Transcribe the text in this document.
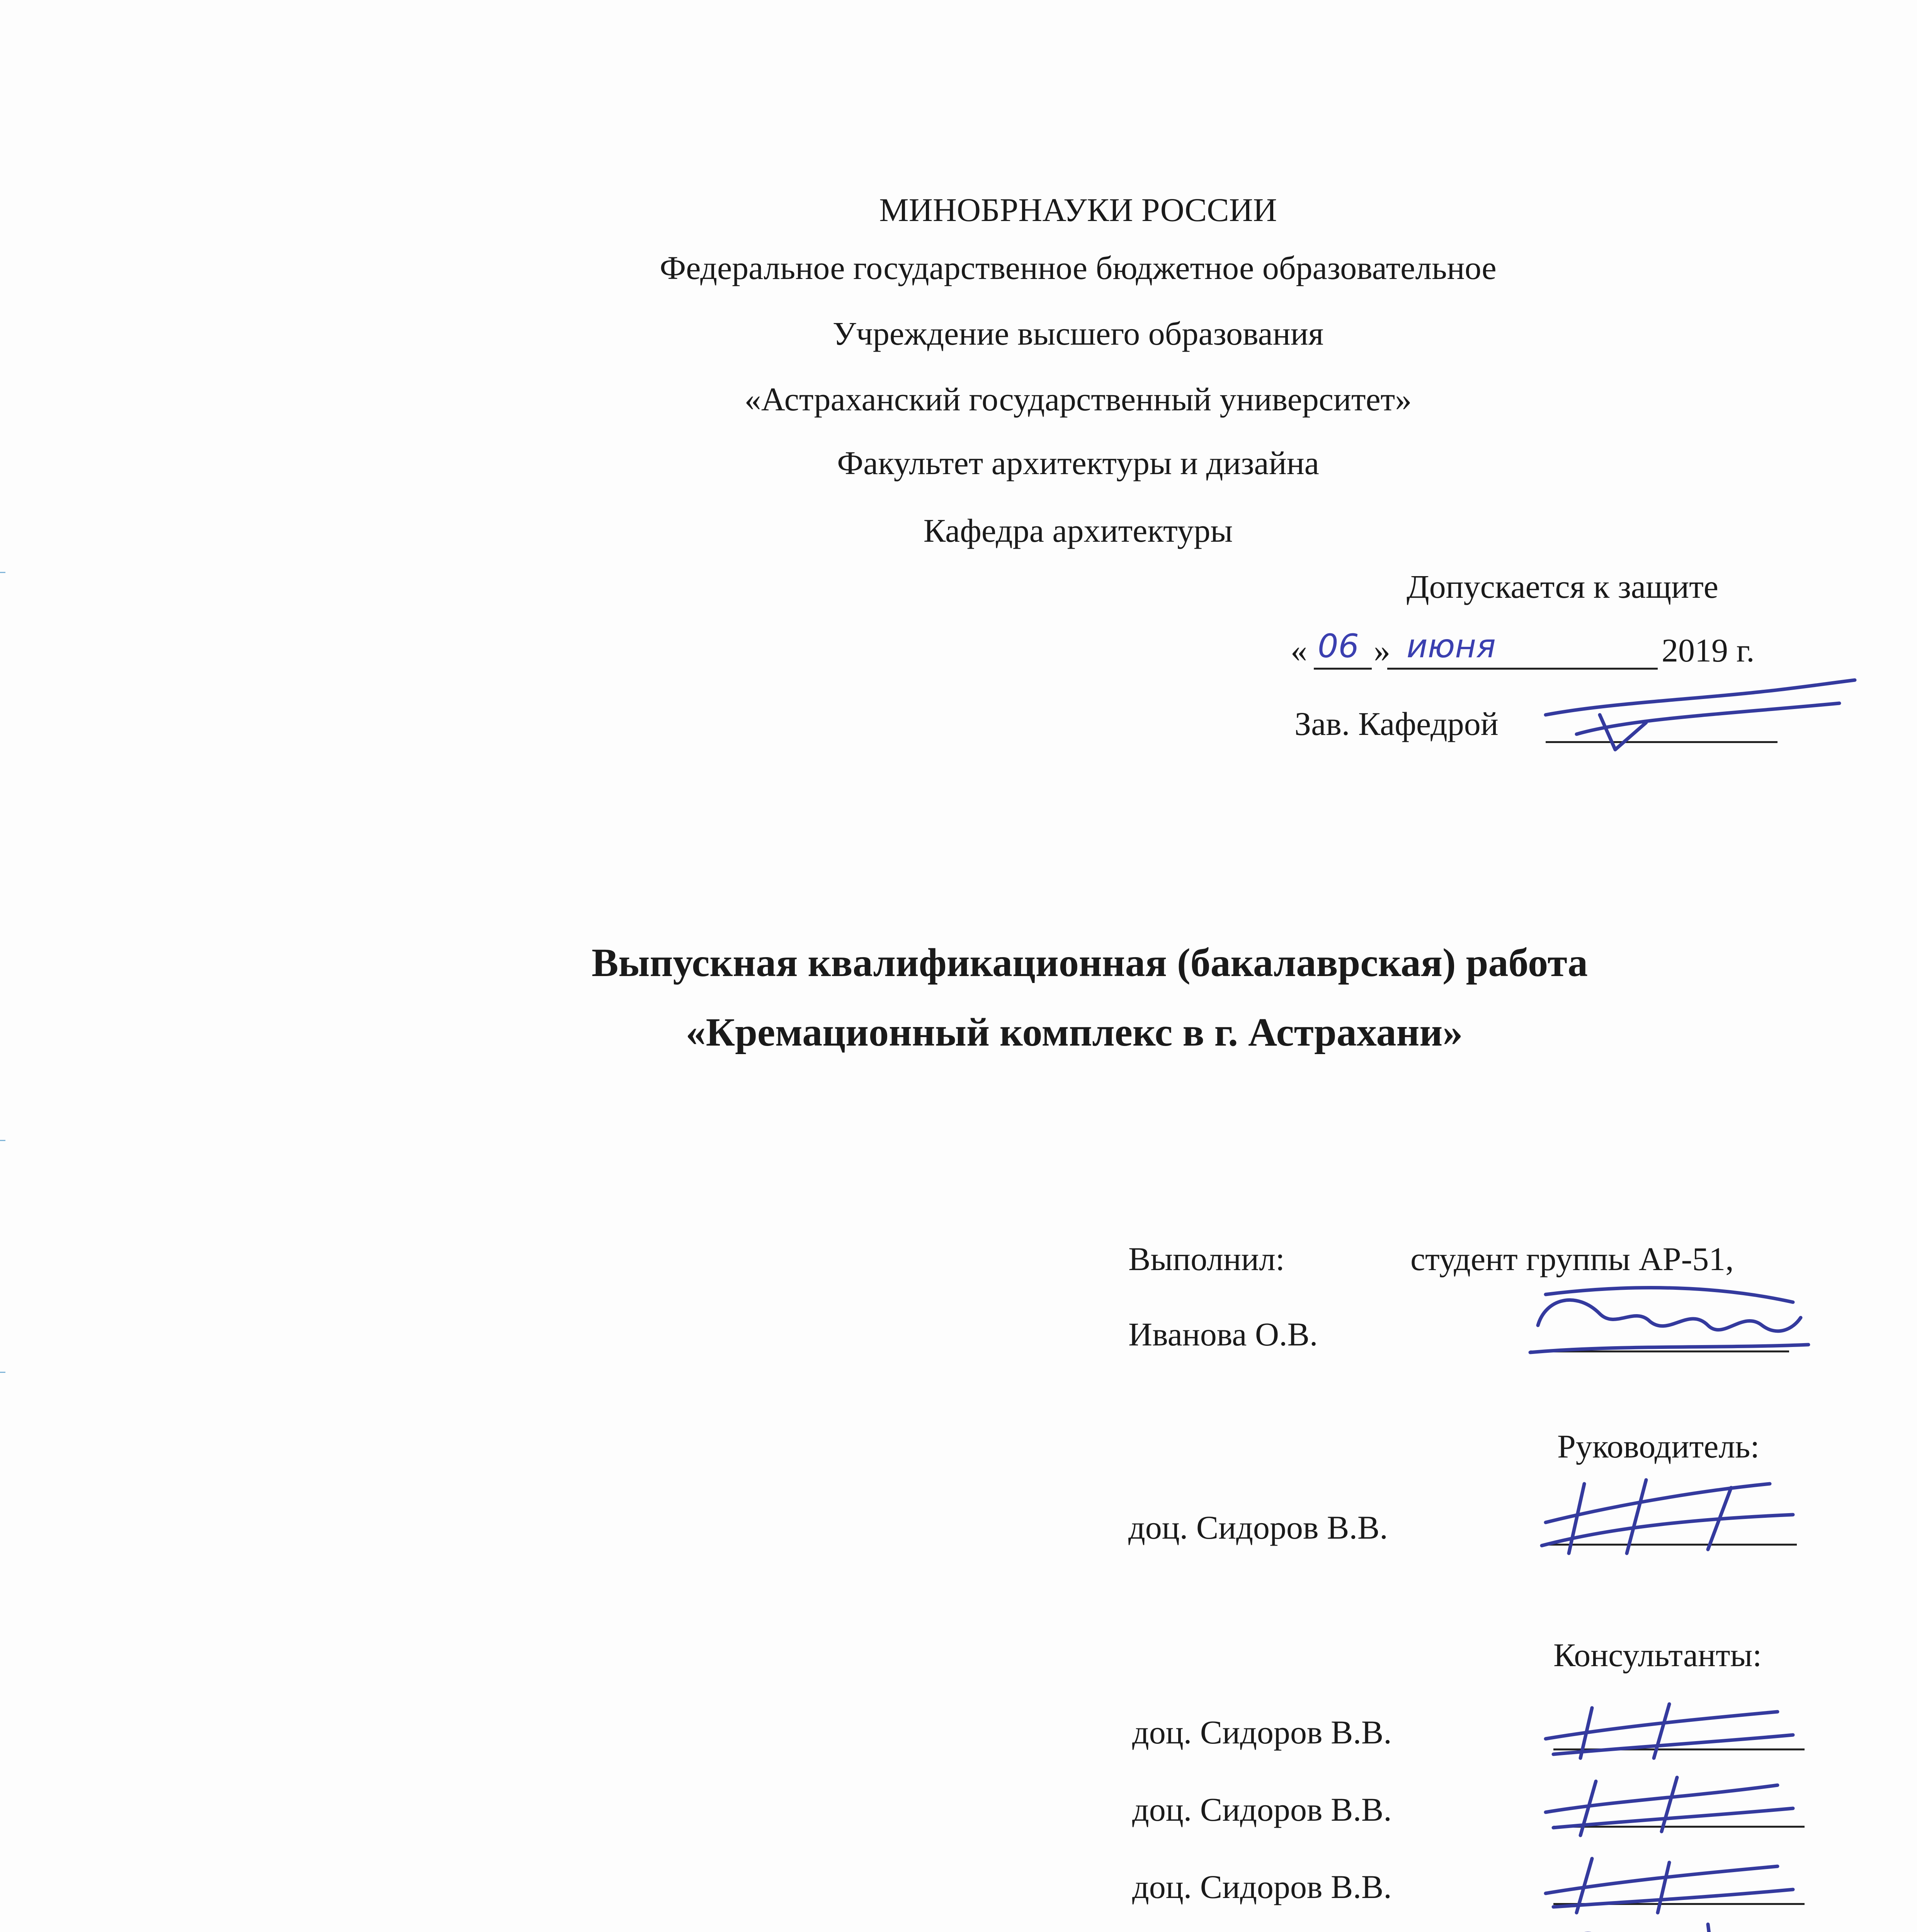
МИНОБРНАУКИ РОССИИ
Федеральное государственное бюджетное образовательное
Учреждение высшего образования
«Астраханский государственный университет»
Факультет архитектуры и дизайна
Кафедра архитектуры
Допускается к защите
« 06 » июня	2019 г.
Зав. Кафедрой
Выпускная квалификационная (бакалаврская) работа
«Кремационный комплекс в г. Астрахани»
Выполнил:	студент группы АР-51,
Иванова О.В.
Руководитель:
доц. Сидоров В.В.
Консультанты:
доц. Сидоров В.В.
доц. Сидоров В.В.
доц. Сидоров В.В.
